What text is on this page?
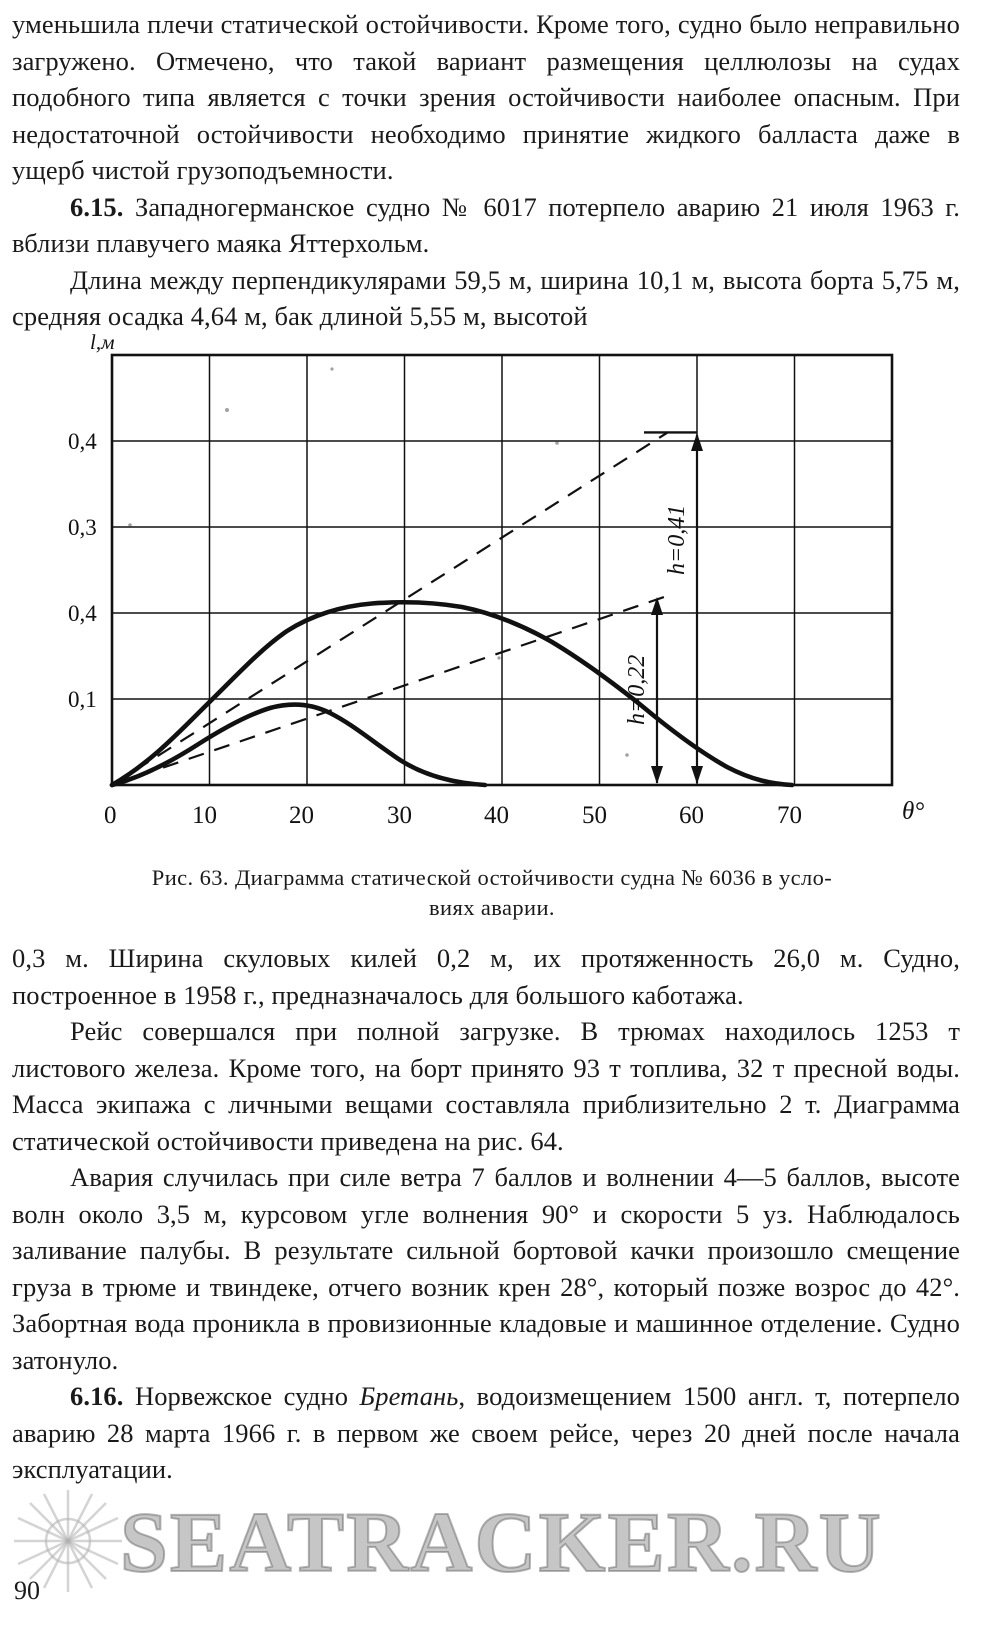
уменьшила плечи статической остойчивости. Кроме того, судно было неправильно загружено. Отмечено, что такой вариант размещения целлюлозы на судах подобного типа является с точки зрения остойчивости наиболее опасным. При недостаточной остойчивости необходимо принятие жидкого балласта даже в ущерб чистой грузоподъемности.

6.15. Западногерманское судно № 6017 потерпело аварию 21 июля 1963 г. вблизи плавучего маяка Яттерхольм.

Длина между перпендикулярами 59,5 м, ширина 10,1 м, высота борта 5,75 м, средняя осадка 4,64 м, бак длиной 5,55 м, высотой

l,м
0,1
0,4
0,3
0,4
0	10	20	30	40	50	60	70	θ°
h=0,41
h=0,22
Рис. 63. Диаграмма статической остойчивости судна № 6036 в усло-
виях аварии.

0,3 м. Ширина скуловых килей 0,2 м, их протяженность 26,0 м. Судно, построенное в 1958 г., предназначалось для большого каботажа.

Рейс совершался при полной загрузке. В трюмах находилось 1253 т листового железа. Кроме того, на борт принято 93 т топлива, 32 т пресной воды. Масса экипажа с личными вещами составляла приблизительно 2 т. Диаграмма статической остойчивости приведена на рис. 64.

Авария случилась при силе ветра 7 баллов и волнении 4—5 баллов, высоте волн около 3,5 м, курсовом угле волнения 90° и скорости 5 уз. Наблюдалось заливание палубы. В результате сильной бортовой качки произошло смещение груза в трюме и твиндеке, отчего возник крен 28°, который позже возрос до 42°. Забортная вода проникла в провизионные кладовые и машинное отделение. Судно затонуло.

6.16. Норвежское судно Бретань, водоизмещением 1500 англ. т, потерпело аварию 28 марта 1966 г. в первом же своем рейсе, через 20 дней после начала эксплуатации.

90
SEATRACKER.RU
